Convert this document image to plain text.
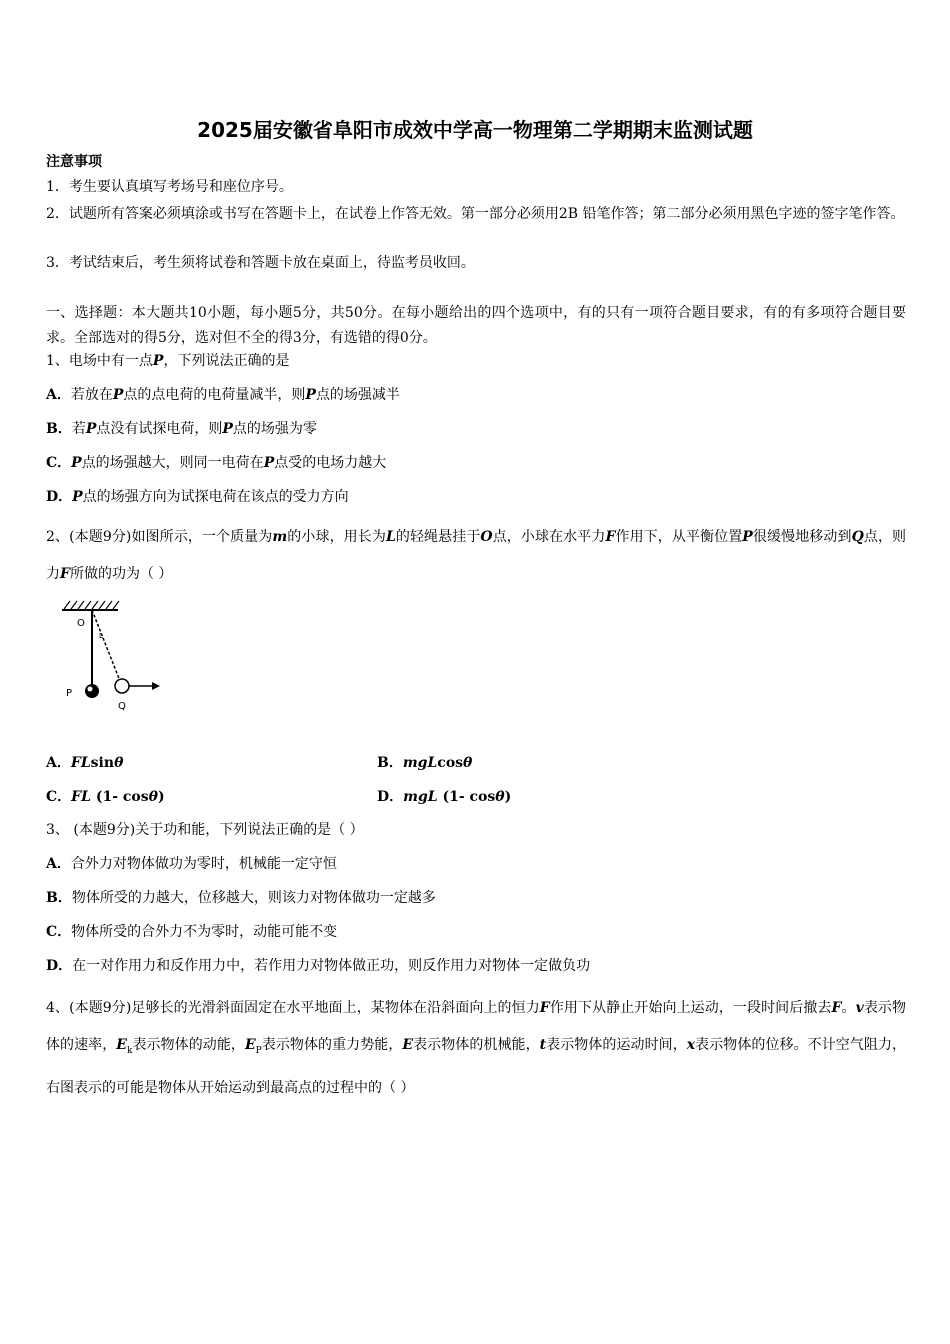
2025届安徽省阜阳市成效中学高一物理第二学期期末监测试题
注意事项
1．考生要认真填写考场号和座位序号。
2．试题所有答案必须填涂或书写在答题卡上，在试卷上作答无效。第一部分必须用2B 铅笔作答；第二部分必须用黑色字迹的签字笔作答。
3．考试结束后，考生须将试卷和答题卡放在桌面上，待监考员收回。
一、选择题：本大题共10小题，每小题5分，共50分。在每小题给出的四个选项中，有的只有一项符合题目要求，有的有多项符合题目要求。全部选对的得5分，选对但不全的得3分，有选错的得0分。
1、电场中有一点P，下列说法正确的是
A．若放在P点的点电荷的电荷量减半，则P点的场强减半
B．若P点没有试探电荷，则P点的场强为零
C．P点的场强越大，则同一电荷在P点受的电场力越大
D．P点的场强方向为试探电荷在该点的受力方向
2、(本题9分)如图所示，一个质量为m的小球，用长为L的轻绳悬挂于O点，小球在水平力F作用下，从平衡位置P很缓慢地移动到Q点，则力F所做的功为（ ）
O
L
P
Q
A．FLsinθ	B．mgLcosθ
C．FL (1- cosθ)	D．mgL (1- cosθ)
3、 (本题9分)关于功和能，下列说法正确的是（ ）
A．合外力对物体做功为零时，机械能一定守恒
B．物体所受的力越大，位移越大，则该力对物体做功一定越多
C．物体所受的合外力不为零时，动能可能不变
D．在一对作用力和反作用力中，若作用力对物体做正功，则反作用力对物体一定做负功
4、(本题9分)足够长的光滑斜面固定在水平地面上，某物体在沿斜面向上的恒力F作用下从静止开始向上运动，一段时间后撤去F。v表示物体的速率，$E_k$表示物体的动能，$E_P$表示物体的重力势能，E表示物体的机械能，t表示物体的运动时间，x表示物体的位移。不计空气阻力，右图表示的可能是物体从开始运动到最高点的过程中的（ ）
